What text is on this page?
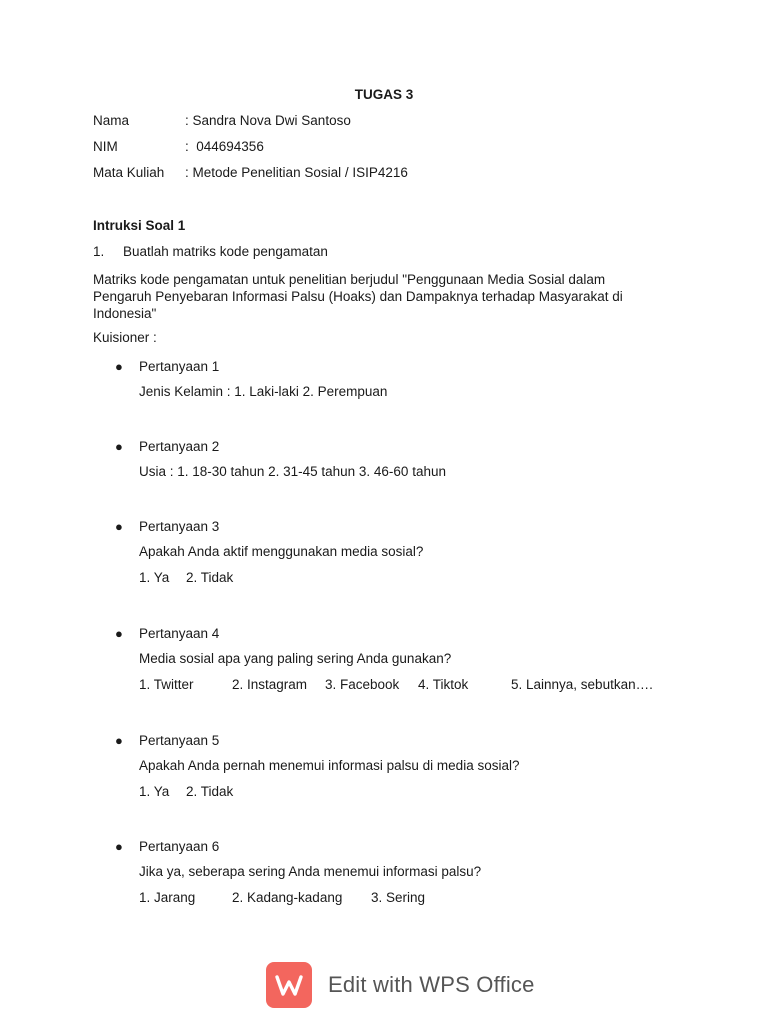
TUGAS 3
Nama	: Sandra Nova Dwi Santoso
NIM	:  044694356
Mata Kuliah	: Metode Penelitian Sosial / ISIP4216
Intruksi Soal 1
1.     Buatlah matriks kode pengamatan
Matriks kode pengamatan untuk penelitian berjudul "Penggunaan Media Sosial dalam Pengaruh Penyebaran Informasi Palsu (Hoaks) dan Dampaknya terhadap Masyarakat di Indonesia"
Kuisioner :
●	Pertanyaan 1
Jenis Kelamin : 1. Laki-laki 2. Perempuan
●	Pertanyaan 2
Usia : 1. 18-30 tahun 2. 31-45 tahun 3. 46-60 tahun
●	Pertanyaan 3
Apakah Anda aktif menggunakan media sosial?
1. Ya 2. Tidak
●	Pertanyaan 4
Media sosial apa yang paling sering Anda gunakan?
1. Twitter	2. Instagram 3. Facebook 4. Tiktok	5. Lainnya, sebutkan….
●	Pertanyaan 5
Apakah Anda pernah menemui informasi palsu di media sosial?
1. Ya 2. Tidak
●	Pertanyaan 6
Jika ya, seberapa sering Anda menemui informasi palsu?
1. Jarang	2. Kadang-kadang 3. Sering
Edit with WPS Office
